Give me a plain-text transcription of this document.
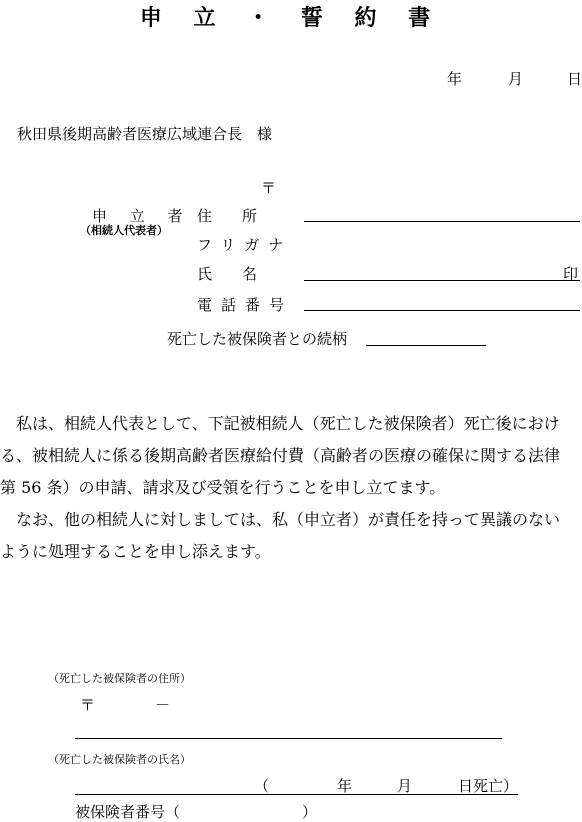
申 立 ・ 誓 約 書
年	月	日
秋田県後期高齢者医療広域連合長　様
〒
申 立 者
（相続人代表者）
住　　所
フリガナ
氏　　名	印
電話番号
死亡した被保険者との続柄

　私は、相続人代表として、下記被相続人（死亡した被保険者）死亡後におけ
る、被相続人に係る後期高齢者医療給付費（高齢者の医療の確保に関する法律
第 56 条）の申請、請求及び受領を行うことを申し立てます。
　なお、他の相続人に対しましては、私（申立者）が責任を持って異議のない
ように処理することを申し添えます。

（死亡した被保険者の住所）
〒	－
（死亡した被保険者の氏名）
（	年	月	日死亡）
被保険者番号（	）
